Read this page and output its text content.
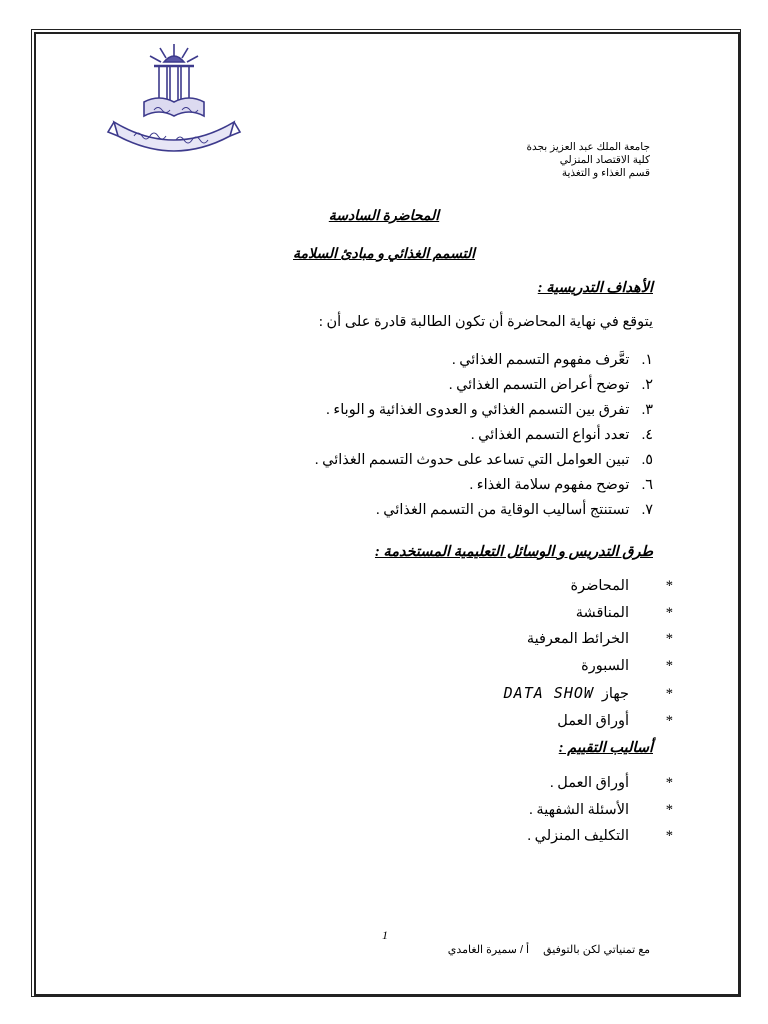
جامعة الملك عبد العزيز بجدة
كلية الاقتصاد المنزلي
قسم الغذاء و التغذية
المحاضرة السادسة
التسمم الغذائي و مبادئ السلامة
الأهداف التدريسية :
يتوقع في نهاية المحاضرة أن تكون الطالبة قادرة على أن :
١. تعَّرف مفهوم التسمم الغذائي .
٢. توضح أعراض التسمم الغذائي .
٣. تفرق بين التسمم الغذائي و العدوى الغذائية و الوباء .
٤. تعدد أنواع التسمم الغذائي .
٥. تبين العوامل التي تساعد على حدوث التسمم الغذائي .
٦. توضح مفهوم سلامة الغذاء .
٧. تستنتج أساليب الوقاية من التسمم الغذائي .
طرق التدريس و الوسائل التعليمية المستخدمة :
*المحاضرة
*المناقشة
*الخرائط المعرفية
*السبورة
*جهازDATA SHOW
*أوراق العمل
أساليب التقييم :
*أوراق العمل .
*الأسئلة الشفهية .
*التكليف المنزلي .
1
مع تمنياتي لكن بالتوفيقأ / سميرة الغامدي
